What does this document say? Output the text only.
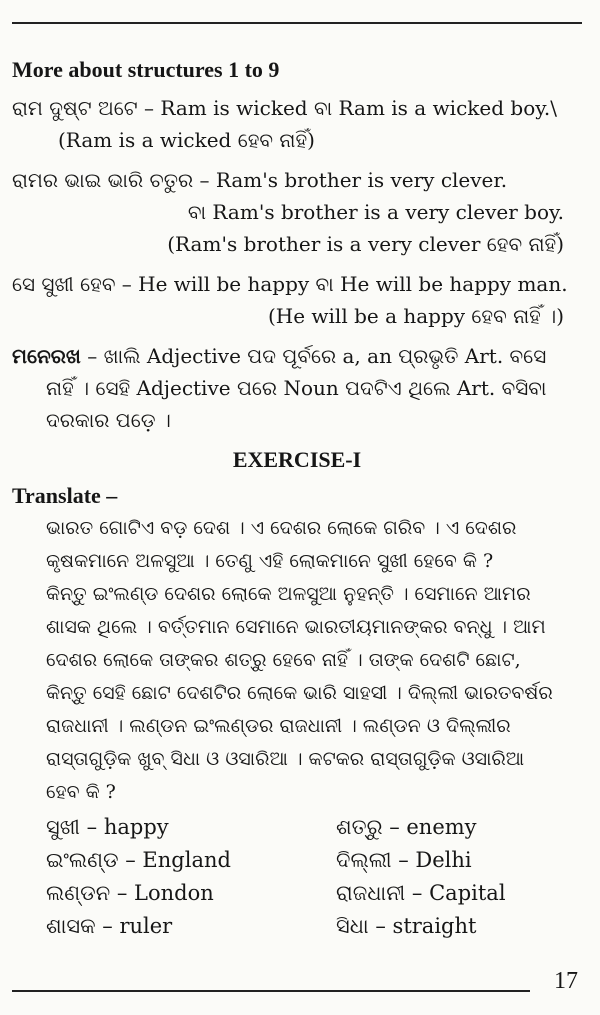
More about structures 1 to 9
ରାମ ଦୁଷ୍ଟ ଅଟେ – Ram is wicked ବା Ram is a wicked boy.\
(Ram is a wicked ହେବ ନାହିଁ)
ରାମର ଭାଇ ଭାରି ଚତୁର – Ram's brother is very clever.
ବା Ram's brother is a very clever boy.
(Ram's brother is a very clever ହେବ ନାହିଁ)
ସେ ସୁଖୀ ହେବ – He will be happy ବା He will be happy man.
(He will be a happy ହେବ ନାହିଁ ।)
ମନେରଖ – ଖାଲି Adjective ପଦ ପୂର୍ବରେ a, an ପ୍ରଭୃତି Art. ବସେ
ନାହିଁ । ସେହି Adjective ପରେ Noun ପଦଟିଏ ଥିଲେ Art. ବସିବା
ଦରକାର ପଡ଼େ ।
EXERCISE-I
Translate –
ଭାରତ ଗୋଟିଏ ବଡ଼ ଦେଶ । ଏ ଦେଶର ଲୋକେ ଗରିବ । ଏ ଦେଶର
କୃଷକମାନେ ଅଳସୁଆ । ତେଣୁ ଏହି ଲୋକମାନେ ସୁଖୀ ହେବେ କି ?
କିନ୍ତୁ ଇଂଲଣ୍ଡ ଦେଶର ଲୋକେ ଅଳସୁଆ ନୁହନ୍ତି । ସେମାନେ ଆମର
ଶାସକ ଥିଲେ । ବର୍ତ୍ତମାନ ସେମାନେ ଭାରତୀୟମାନଙ୍କର ବନ୍ଧୁ । ଆମ
ଦେଶର ଲୋକେ ତାଙ୍କର ଶତ୍ରୁ ହେବେ ନାହିଁ । ତାଙ୍କ ଦେଶଟି ଛୋଟ,
କିନ୍ତୁ ସେହି ଛୋଟ ଦେଶଟିର ଲୋକେ ଭାରି ସାହସୀ । ଦିଲ୍ଲୀ ଭାରତବର୍ଷର
ରାଜଧାନୀ । ଲଣ୍ଡନ ଇଂଲଣ୍ଡର ରାଜଧାନୀ । ଲଣ୍ଡନ ଓ ଦିଲ୍ଲୀର
ରାସ୍ତାଗୁଡ଼ିକ ଖୁବ୍ ସିଧା ଓ ଓସାରିଆ । କଟକର ରାସ୍ତାଗୁଡ଼ିକ ଓସାରିଆ
ହେବ କି ?
ସୁଖୀ – happy	ଶତ୍ରୁ – enemy
ଇଂଲଣ୍ଡ – England	ଦିଲ୍ଲୀ – Delhi
ଲଣ୍ଡନ – London	ରାଜଧାନୀ – Capital
ଶାସକ – ruler	ସିଧା – straight
17
